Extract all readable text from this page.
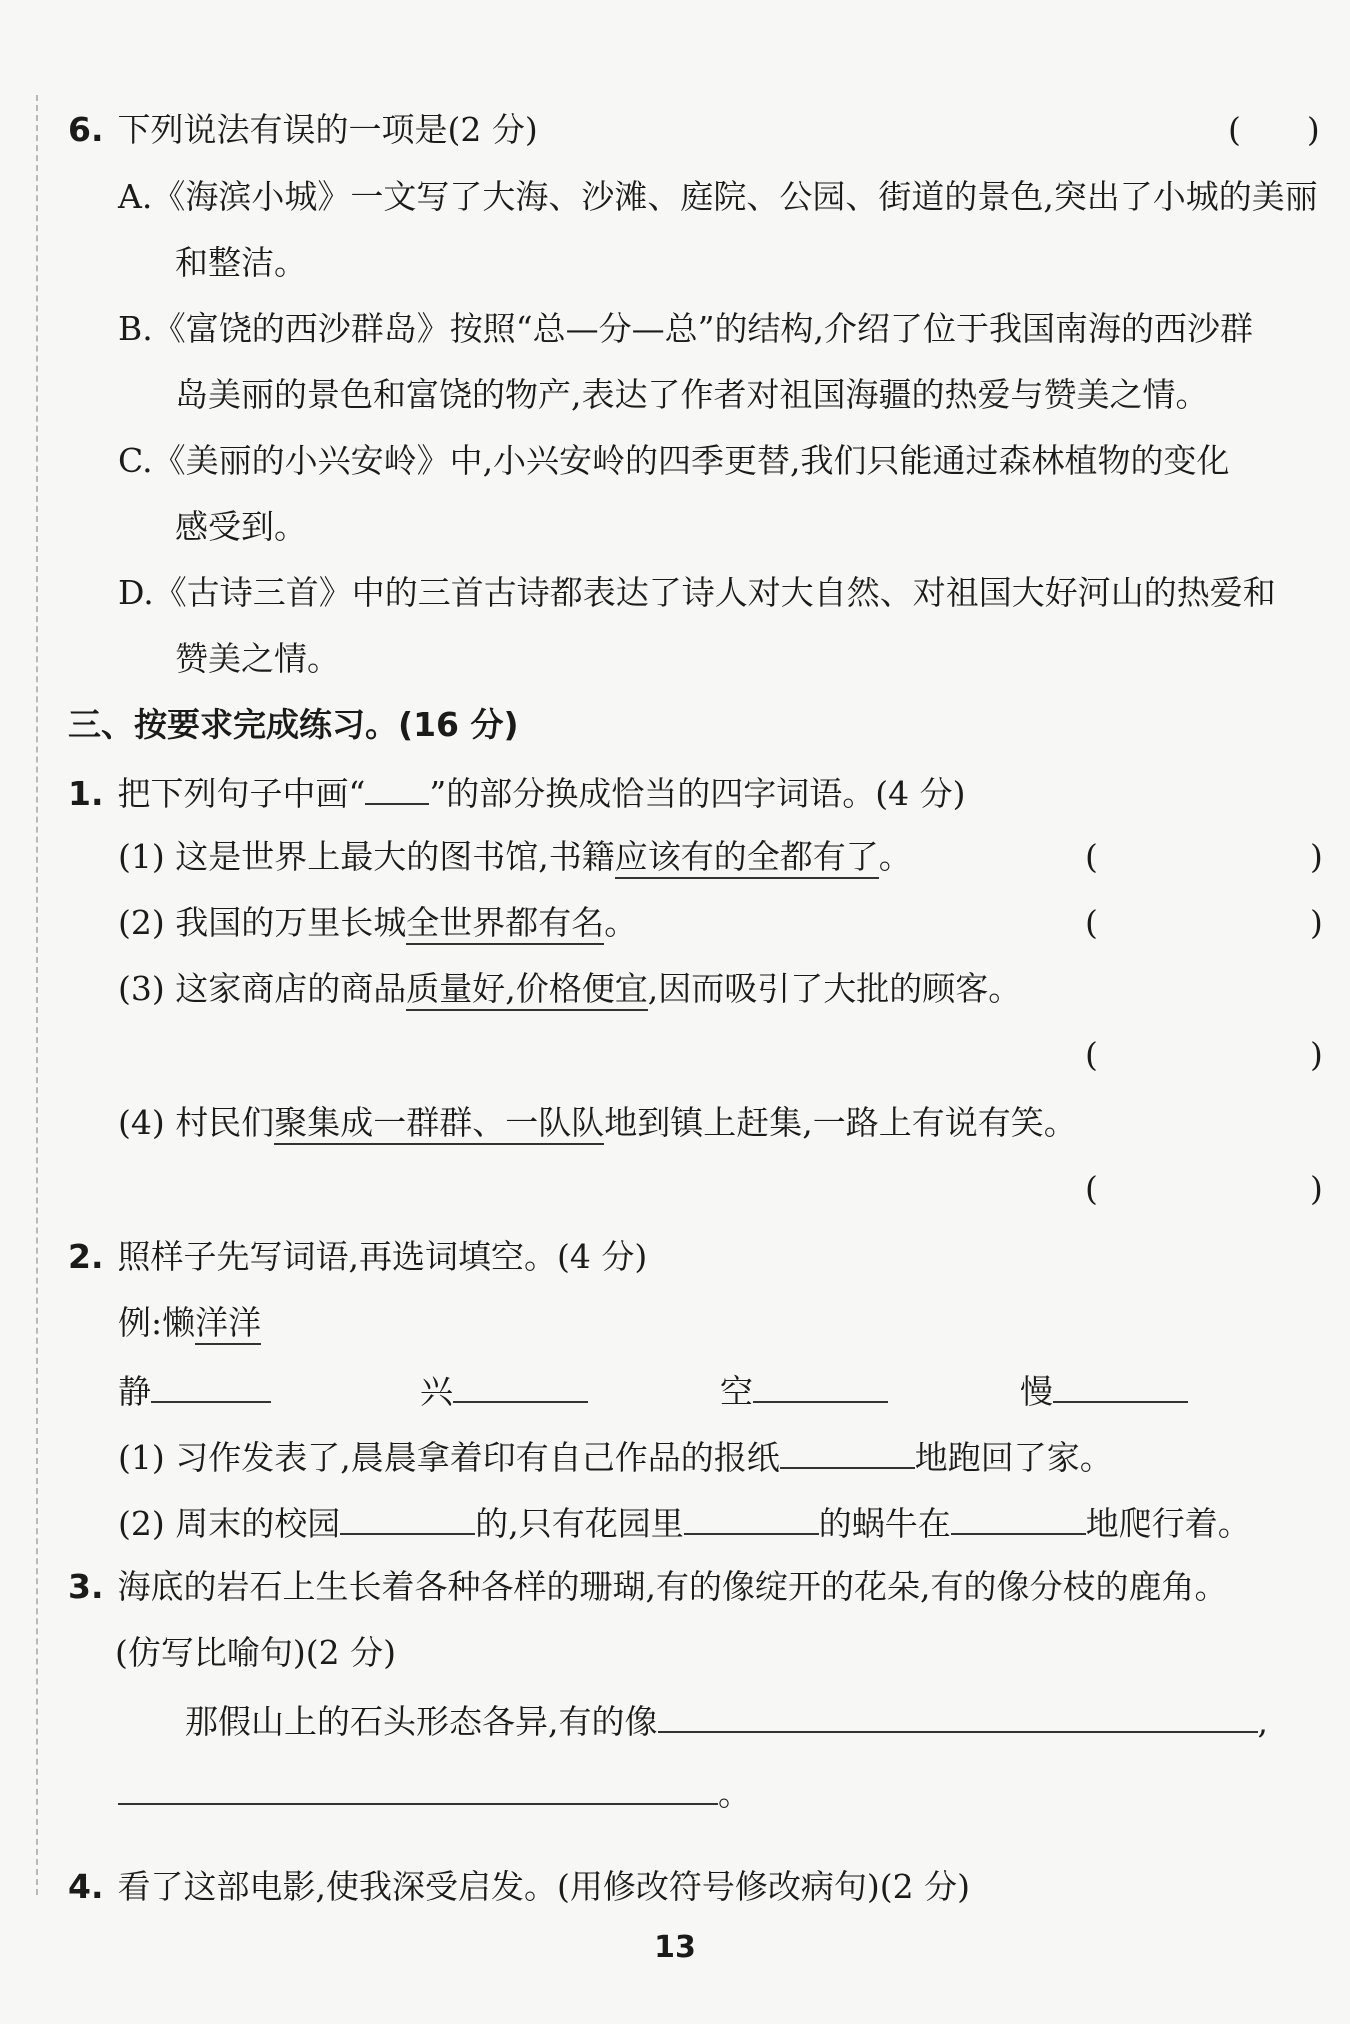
6. 下列说法有误的一项是(2 分)	(　　)
A.《海滨小城》一文写了大海、沙滩、庭院、公园、街道的景色,突出了小城的美丽
和整洁。
B.《富饶的西沙群岛》按照“总—分—总”的结构,介绍了位于我国南海的西沙群
岛美丽的景色和富饶的物产,表达了作者对祖国海疆的热爱与赞美之情。
C.《美丽的小兴安岭》中,小兴安岭的四季更替,我们只能通过森林植物的变化
感受到。
D.《古诗三首》中的三首古诗都表达了诗人对大自然、对祖国大好河山的热爱和
赞美之情。
三、按要求完成练习。(16 分)
1. 把下列句子中画“ ”的部分换成恰当的四字词语。(4 分)
(1) 这是世界上最大的图书馆,书籍应该有的全都有了。	(	)
(2) 我国的万里长城全世界都有名。	(	)
(3) 这家商店的商品质量好,价格便宜,因而吸引了大批的顾客。
(	)
(4) 村民们聚集成一群群、一队队地到镇上赶集,一路上有说有笑。
(	)
2. 照样子先写词语,再选词填空。(4 分)
例:懒洋洋
静	兴	空	慢
(1) 习作发表了,晨晨拿着印有自己作品的报纸	地跑回了家。
(2) 周末的校园	的,只有花园里	的蜗牛在	地爬行着。
3. 海底的岩石上生长着各种各样的珊瑚,有的像绽开的花朵,有的像分枝的鹿角。
(仿写比喻句)(2 分)
那假山上的石头形态各异,有的像	,
。
4. 看了这部电影,使我深受启发。(用修改符号修改病句)(2 分)
13
